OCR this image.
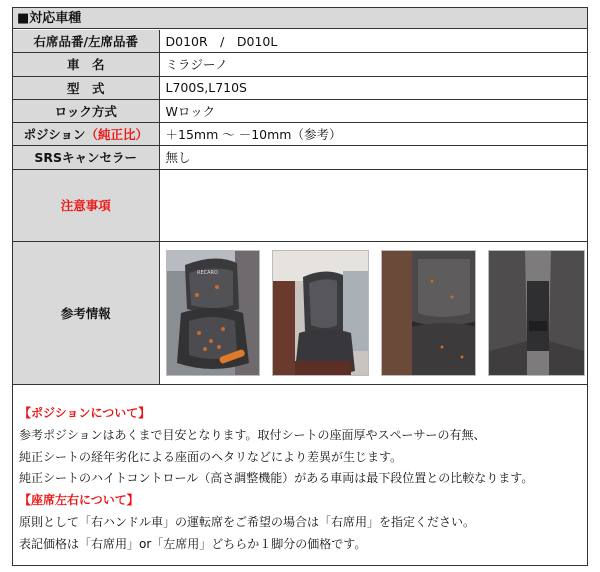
■対応車種
右席品番/左席品番	D010R　/　D010L
車　名	ミラジーノ
型　式	L700S,L710S
ロック方式	Wロック
ポジション（純正比）	＋15mm 〜 －10mm（参考）
SRSキャンセラー	無し
注意事項	
参考情報	RECARO
【ポジションについて】
参考ポジションはあくまで目安となります。取付シートの座面厚やスペーサーの有無、
純正シートの経年劣化による座面のヘタリなどにより差異が生じます。
純正シートのハイトコントロール（高さ調整機能）がある車両は最下段位置との比較なります。
【座席左右について】
原則として「右ハンドル車」の運転席をご希望の場合は「右席用」を指定ください。
表記価格は「右席用」or「左席用」どちらか１脚分の価格です。
